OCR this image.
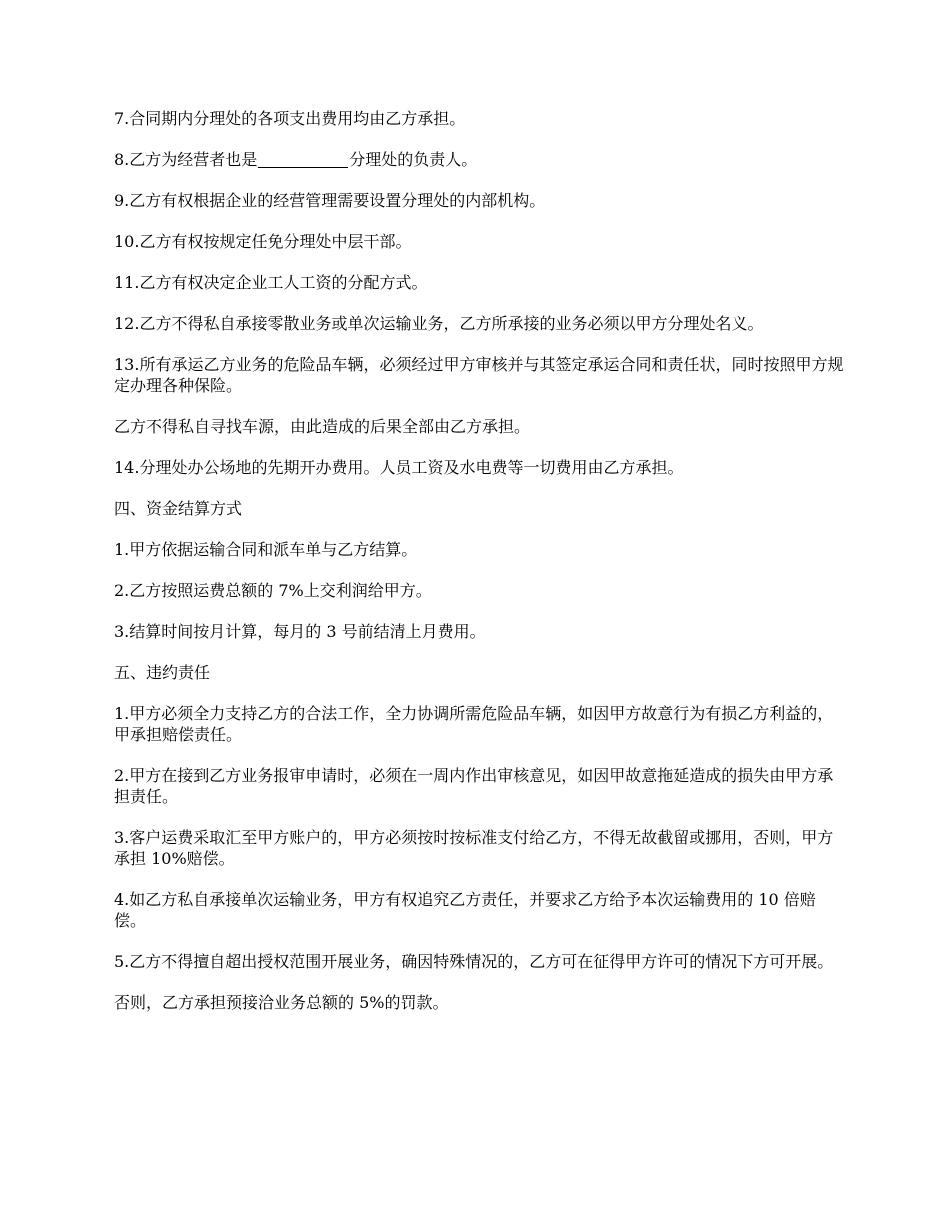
7.合同期内分理处的各项支出费用均由乙方承担。

8.乙方为经营者也是	分理处的负责人。

9.乙方有权根据企业的经营管理需要设置分理处的内部机构。

10.乙方有权按规定任免分理处中层干部。

11.乙方有权决定企业工人工资的分配方式。

12.乙方不得私自承接零散业务或单次运输业务，乙方所承接的业务必须以甲方分理处名义。

13.所有承运乙方业务的危险品车辆，必须经过甲方审核并与其签定承运合同和责任状，同时按照甲方规定办理各种保险。

乙方不得私自寻找车源，由此造成的后果全部由乙方承担。

14.分理处办公场地的先期开办费用。人员工资及水电费等一切费用由乙方承担。

四、资金结算方式

1.甲方依据运输合同和派车单与乙方结算。

2.乙方按照运费总额的 7%上交利润给甲方。

3.结算时间按月计算，每月的 3 号前结清上月费用。

五、违约责任

1.甲方必须全力支持乙方的合法工作，全力协调所需危险品车辆，如因甲方故意行为有损乙方利益的，甲承担赔偿责任。

2.甲方在接到乙方业务报审申请时，必须在一周内作出审核意见，如因甲故意拖延造成的损失由甲方承担责任。

3.客户运费采取汇至甲方账户的，甲方必须按时按标准支付给乙方，不得无故截留或挪用，否则，甲方承担 10%赔偿。

4.如乙方私自承接单次运输业务，甲方有权追究乙方责任，并要求乙方给予本次运输费用的 10 倍赔偿。

5.乙方不得擅自超出授权范围开展业务，确因特殊情况的，乙方可在征得甲方许可的情况下方可开展。

否则，乙方承担预接洽业务总额的 5%的罚款。
